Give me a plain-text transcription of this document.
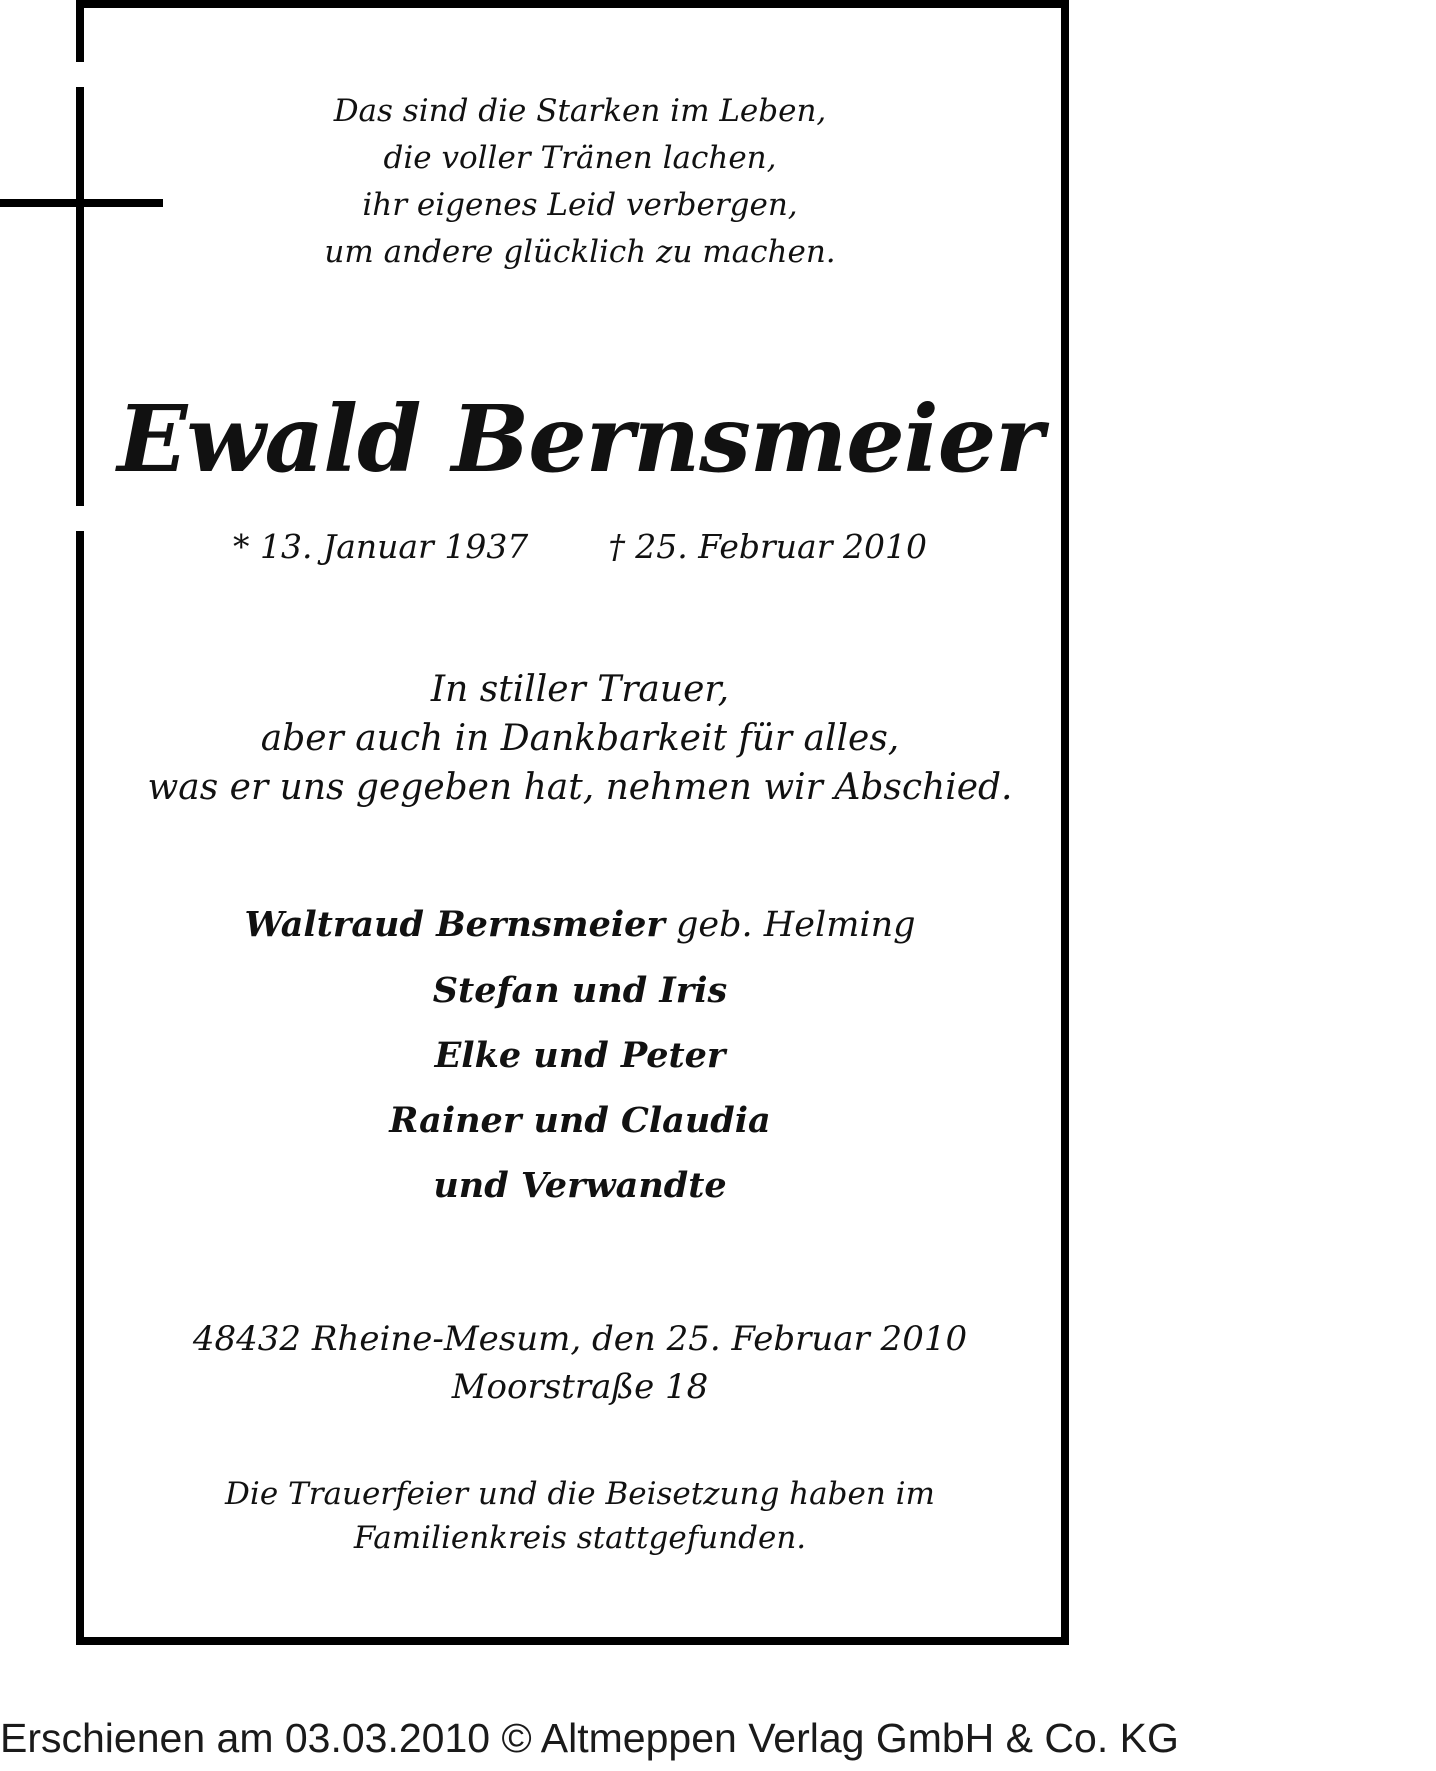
Das sind die Starken im Leben,
die voller Tränen lachen,
ihr eigenes Leid verbergen,
um andere glücklich zu machen.
Ewald Bernsmeier
* 13. Januar 1937 † 25. Februar 2010
In stiller Trauer,
aber auch in Dankbarkeit für alles,
was er uns gegeben hat, nehmen wir Abschied.
Waltraud Bernsmeier geb. Helming
Stefan und Iris
Elke und Peter
Rainer und Claudia
und Verwandte
48432 Rheine-Mesum, den 25. Februar 2010
Moorstraße 18
Die Trauerfeier und die Beisetzung haben im
Familienkreis stattgefunden.
Erschienen am 03.03.2010 © Altmeppen Verlag GmbH & Co. KG
